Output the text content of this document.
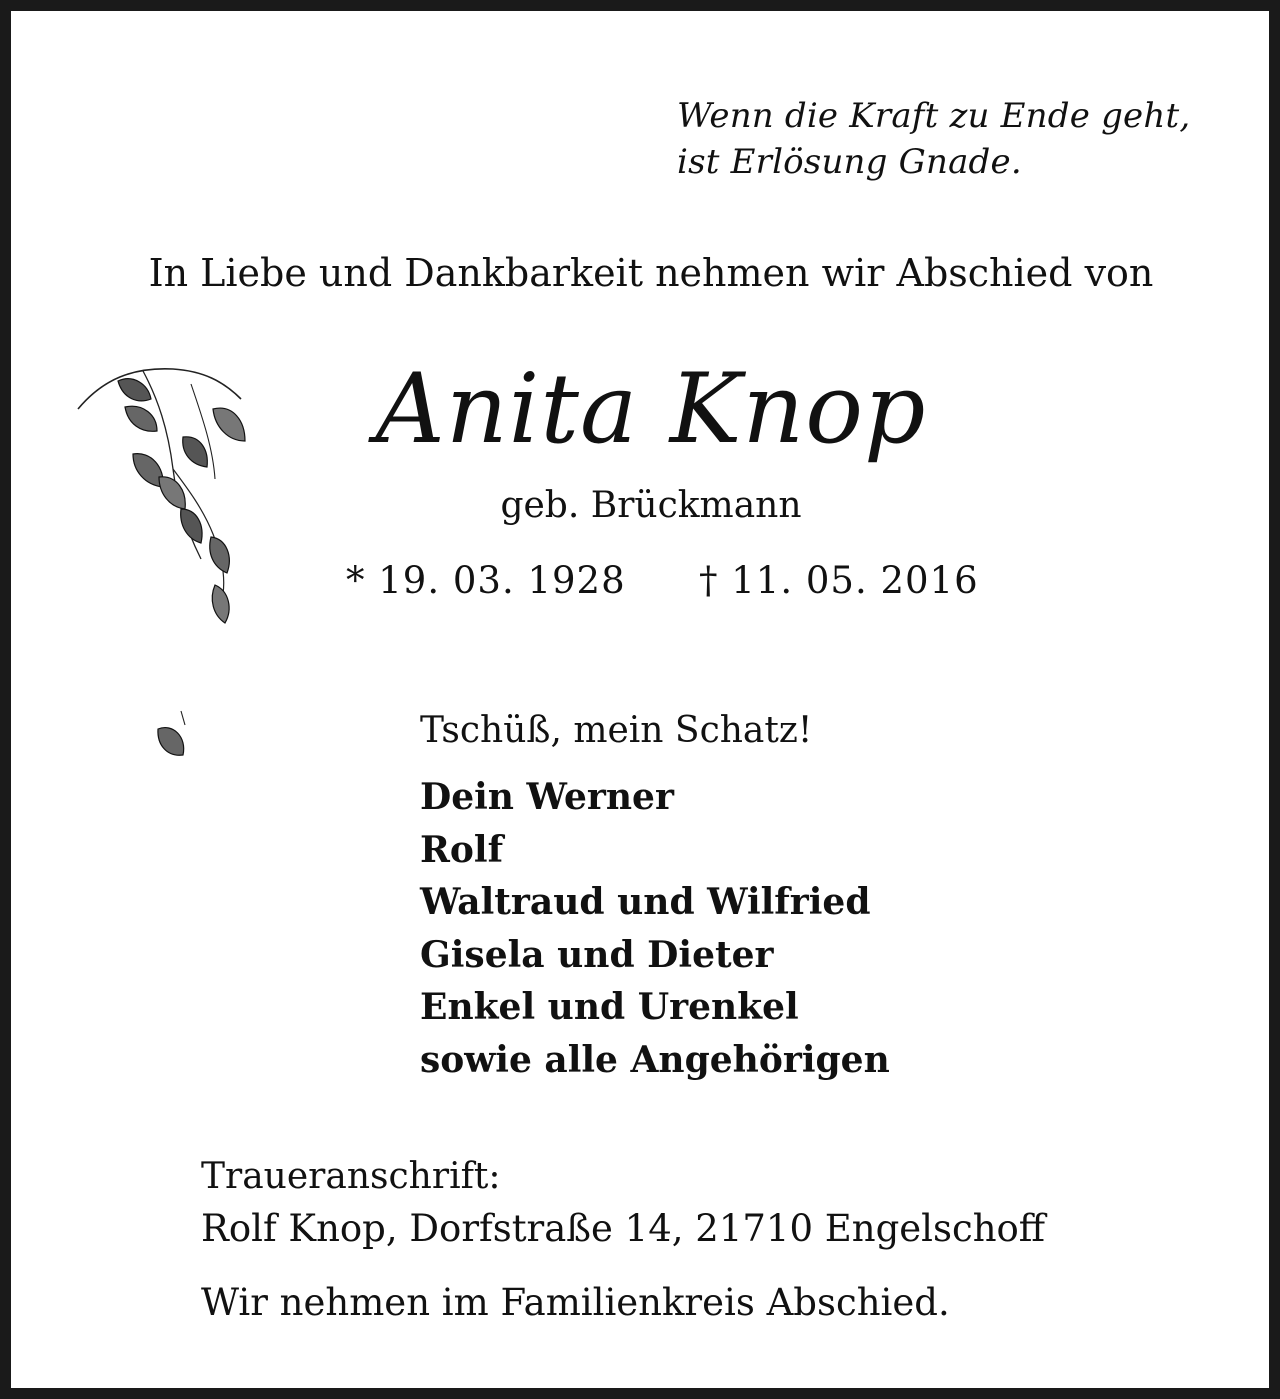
Wenn die Kraft zu Ende geht,
ist Erlösung Gnade.
In Liebe und Dankbarkeit nehmen wir Abschied von
Anita Knop
geb. Brückmann
* 19. 03. 1928 † 11. 05. 2016
Tschüß, mein Schatz!
Dein Werner
Rolf
Waltraud und Wilfried
Gisela und Dieter
Enkel und Urenkel
sowie alle Angehörigen
Traueranschrift:
Rolf Knop, Dorfstraße 14, 21710 Engelschoff
Wir nehmen im Familienkreis Abschied.
